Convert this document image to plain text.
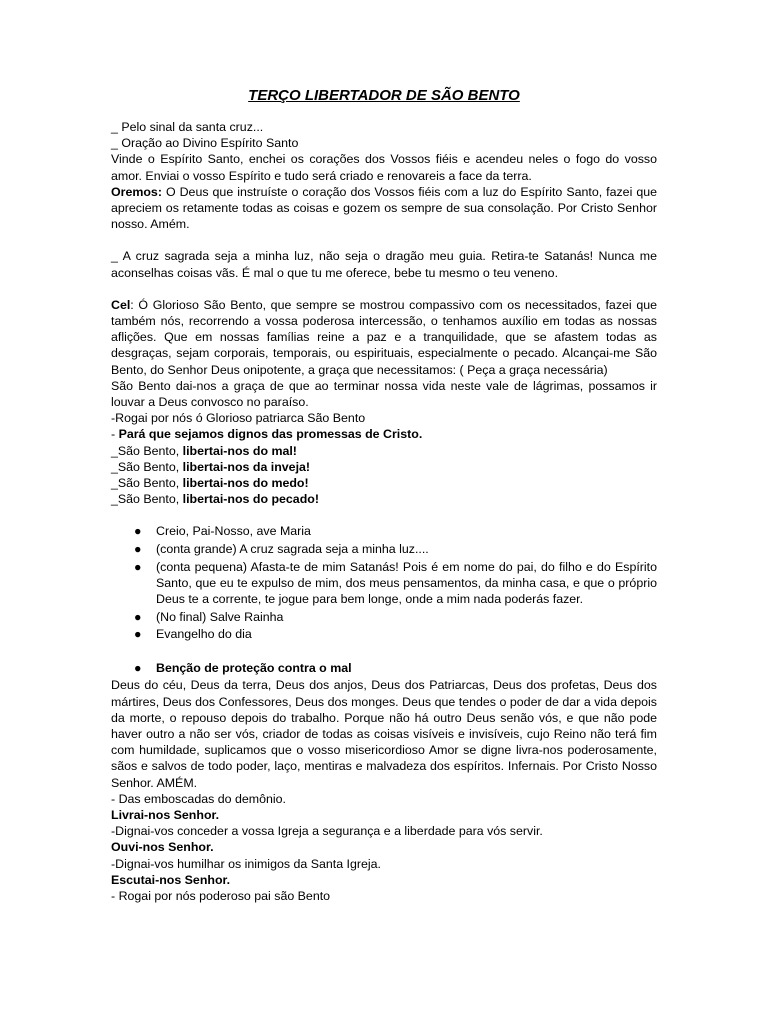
TERÇO LIBERTADOR DE SÃO BENTO

_ Pelo sinal da santa cruz...

_ Oração ao Divino Espírito Santo

Vinde o Espírito Santo, enchei os corações dos Vossos fiéis e acendeu neles o fogo do vosso amor. Enviai o vosso Espírito e tudo será criado e renovareis a face da terra.

Oremos: O Deus que instruíste o coração dos Vossos fiéis com a luz do Espírito Santo, fazei que apreciem os retamente todas as coisas e gozem os sempre de sua consolação. Por Cristo Senhor nosso. Amém.

_ A cruz sagrada seja a minha luz, não seja o dragão meu guia. Retira-te Satanás! Nunca me aconselhas coisas vãs. É mal o que tu me oferece, bebe tu mesmo o teu veneno.

Cel: Ó Glorioso São Bento, que sempre se mostrou compassivo com os necessitados, fazei que também nós, recorrendo a vossa poderosa intercessão, o tenhamos auxílio em todas as nossas aflições. Que em nossas famílias reine a paz e a tranquilidade, que se afastem todas as desgraças, sejam corporais, temporais, ou espirituais, especialmente o pecado. Alcançai-me São Bento, do Senhor Deus onipotente, a graça que necessitamos: ( Peça a graça necessária)

São Bento dai-nos a graça de que ao terminar nossa vida neste vale de lágrimas, possamos ir louvar a Deus convosco no paraíso.

-Rogai por nós ó Glorioso patriarca São Bento

- Pará que sejamos dignos das promessas de Cristo.

_São Bento, libertai-nos do mal!

_São Bento, libertai-nos da inveja!

_São Bento, libertai-nos do medo!

_São Bento, libertai-nos do pecado!

● Creio, Pai-Nosso, ave Maria
● (conta grande) A cruz sagrada seja a minha luz....
● (conta pequena) Afasta-te de mim Satanás! Pois é em nome do pai, do filho e do Espírito Santo, que eu te expulso de mim, dos meus pensamentos, da minha casa, e que o próprio Deus te a corrente, te jogue para bem longe, onde a mim nada poderás fazer.
● (No final) Salve Rainha
● Evangelho do dia
● Benção de proteção contra o mal

Deus do céu, Deus da terra, Deus dos anjos, Deus dos Patriarcas, Deus dos profetas, Deus dos mártires, Deus dos Confessores, Deus dos monges. Deus que tendes o poder de dar a vida depois da morte, o repouso depois do trabalho. Porque não há outro Deus senão vós, e que não pode haver outro a não ser vós, criador de todas as coisas visíveis e invisíveis, cujo Reino não terá fim com humildade, suplicamos que o vosso misericordioso Amor se digne livra-nos poderosamente, sãos e salvos de todo poder, laço, mentiras e malvadeza dos espíritos. Infernais. Por Cristo Nosso Senhor. AMÉM.

- Das emboscadas do demônio.

Livrai-nos Senhor.

-Dignai-vos conceder a vossa Igreja a segurança e a liberdade para vós servir.

Ouvi-nos Senhor.

-Dignai-vos humilhar os inimigos da Santa Igreja.

Escutai-nos Senhor.

- Rogai por nós poderoso pai são Bento
